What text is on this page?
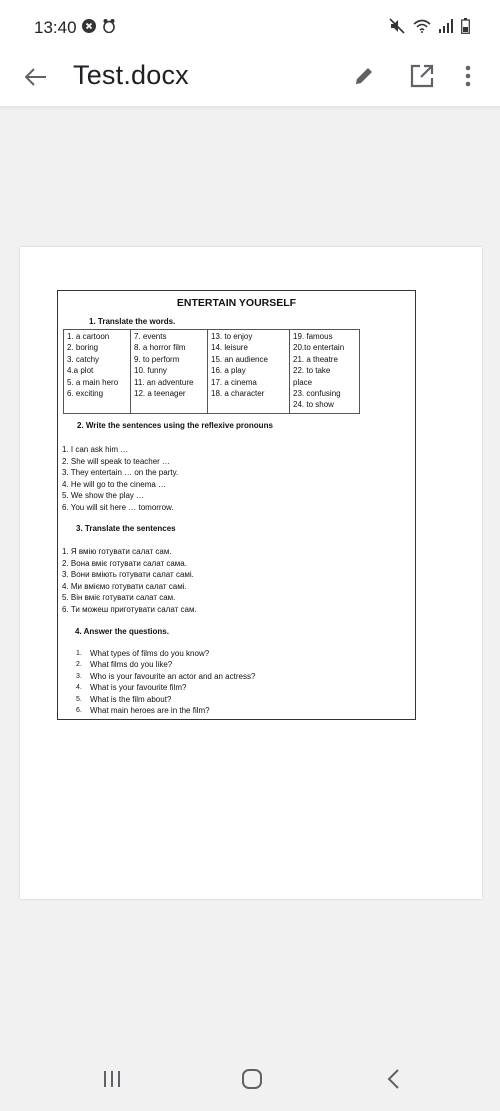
13:40
Test.docx
ENTERTAIN YOURSELF
1. Translate the words.
1. a cartoon
2. boring
3. catchy
4.a plot
5. a main hero
6. exciting

7. events
8. a horror film
9. to perform
10. funny
11. an adventure
12. a teenager

13. to enjoy
14. leisure
15. an audience
16. a play
17. a cinema
18. a character

19. famous
20.to entertain
21. a theatre
22. to take
place
23. confusing
24. to show
2. Write the sentences using the reflexive pronouns
1. I can ask him …
2. She will speak to teacher …
3. They entertain … on the party.
4. He will go to the cinema …
5. We show the play …
6. You will sit here … tomorrow.
3. Translate the sentences
1. Я вмію готувати салат сам.
2. Вона вміє готувати салат сама.
3. Вони вміють готувати салат самі.
4. Ми вміємо готувати салат самі.
5. Він вміє готувати салат сам.
6. Ти можеш приготувати салат сам.
4. Answer the questions.
1. What types of films do you know?
2. What films do you like?
3. Who is your favourite an actor and an actress?
4. What is your favourite film?
5. What is the film about?
6. What main heroes are in the film?
